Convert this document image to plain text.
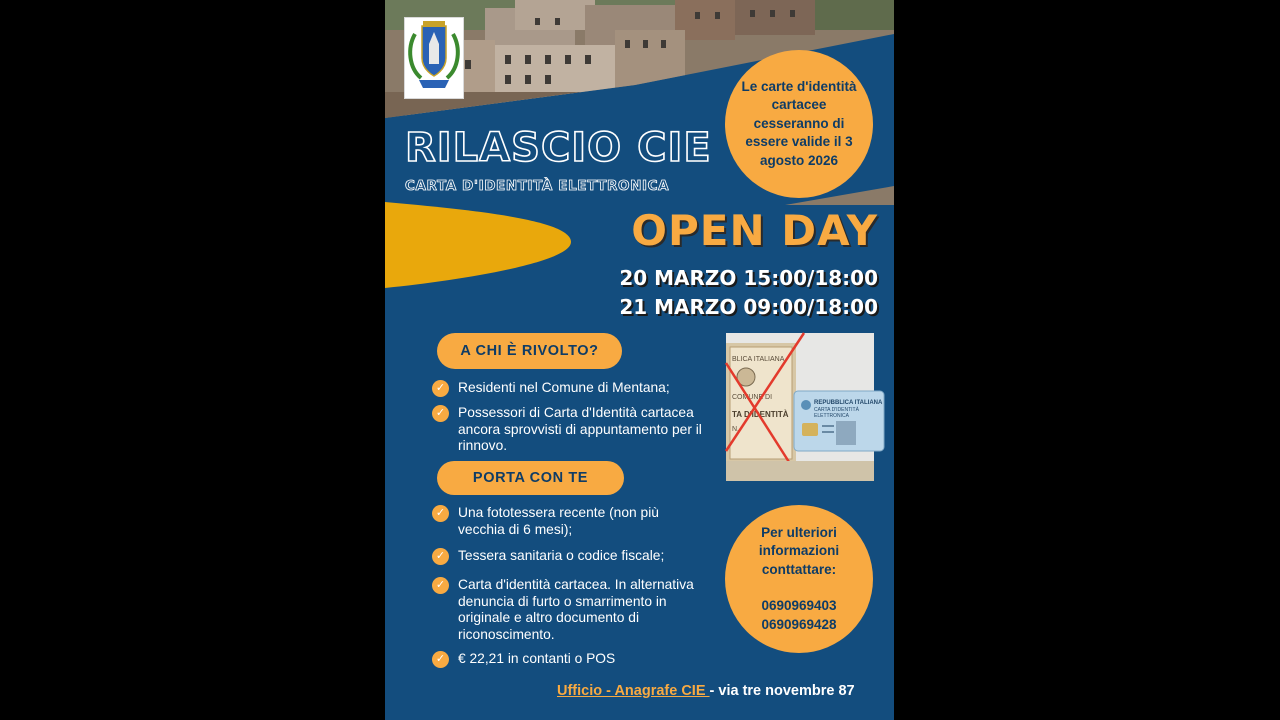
RILASCIO CIE
CARTA D'IDENTITÀ ELETTRONICA
Le carte d'identità cartacee cesseranno di essere valide il 3 agosto 2026
OPEN DAY
20 MARZO 15:00/18:00
21 MARZO 09:00/18:00
A CHI È RIVOLTO?
✓ Residenti nel Comune di Mentana;
✓ Possessori di Carta d'Identità cartacea ancora sprovvisti di appuntamento per il rinnovo.
PORTA CON TE
✓ Una fototessera recente (non più vecchia di 6 mesi);
✓ Tessera sanitaria o codice fiscale;
✓ Carta d'identità cartacea. In alternativa denuncia di furto o smarrimento in originale e altro documento di riconoscimento.
✓ € 22,21 in contanti o POS
BLICA ITALIANA
COMUNE DI
TA D'IDENTITÀ
N.
REPUBBLICA ITALIANA
CARTA D'IDENTITÀ
ELETTRONICA
Per ulteriori informazioni conttattare:
0690969403
0690969428
Ufficio - Anagrafe CIE - via tre novembre 87
